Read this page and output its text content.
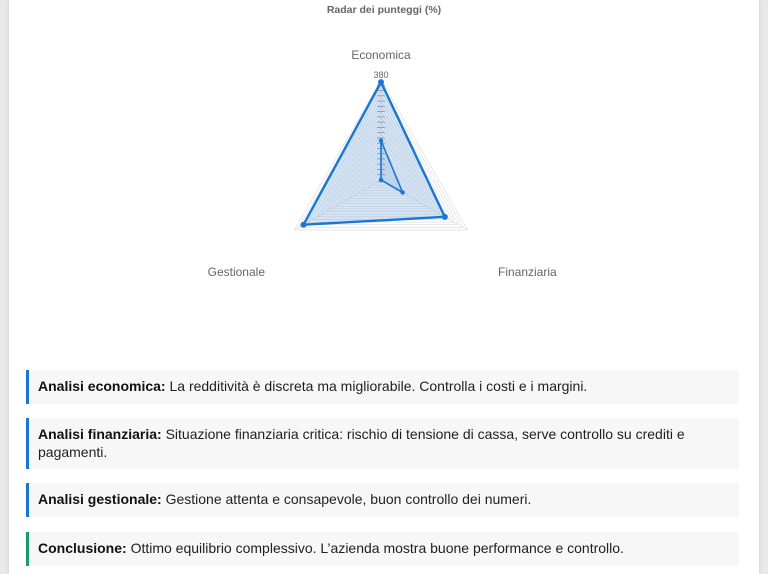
Radar dei punteggi (%)
Economica
Finanziaria
Gestionale
380
Analisi economica: La redditività è discreta ma migliorabile. Controlla i costi e i margini.
Analisi finanziaria: Situazione finanziaria critica: rischio di tensione di cassa, serve controllo su crediti e pagamenti.
Analisi gestionale: Gestione attenta e consapevole, buon controllo dei numeri.
Conclusione: Ottimo equilibrio complessivo. L’azienda mostra buone performance e controllo.
